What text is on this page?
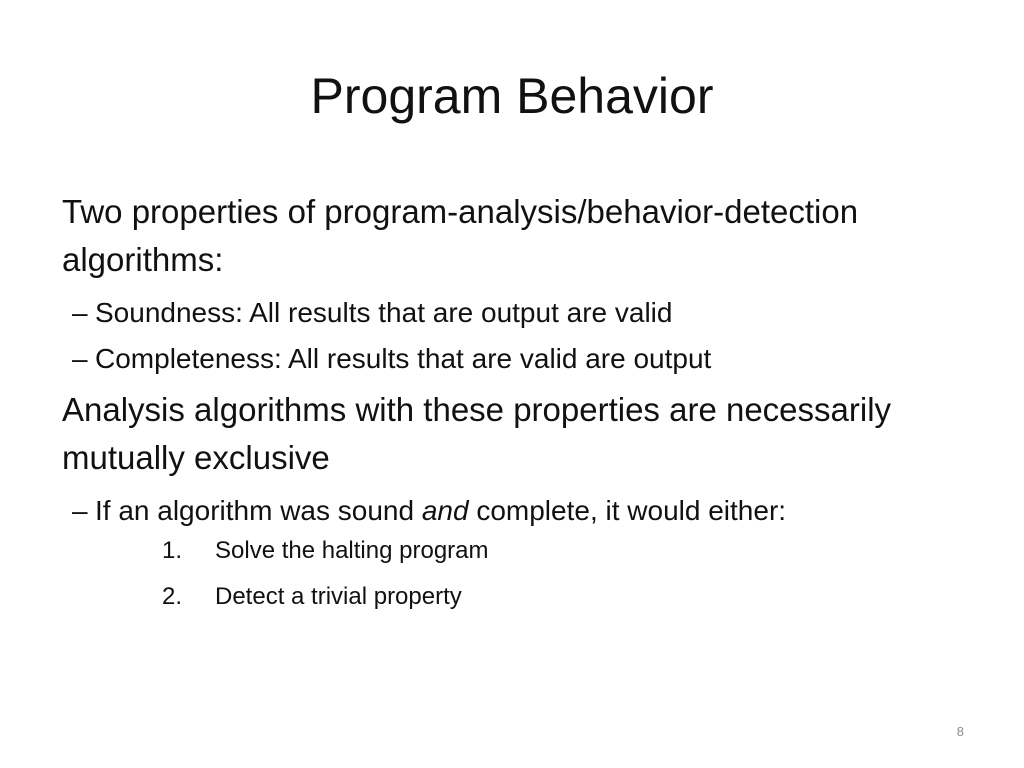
Program Behavior

Two properties of program-analysis/behavior-detection algorithms:

– Soundness: All results that are output are valid

– Completeness: All results that are valid are output

Analysis algorithms with these properties are necessarily mutually exclusive

– If an algorithm was sound and complete, it would either:

1. Solve the halting program
2. Detect a trivial property
8
